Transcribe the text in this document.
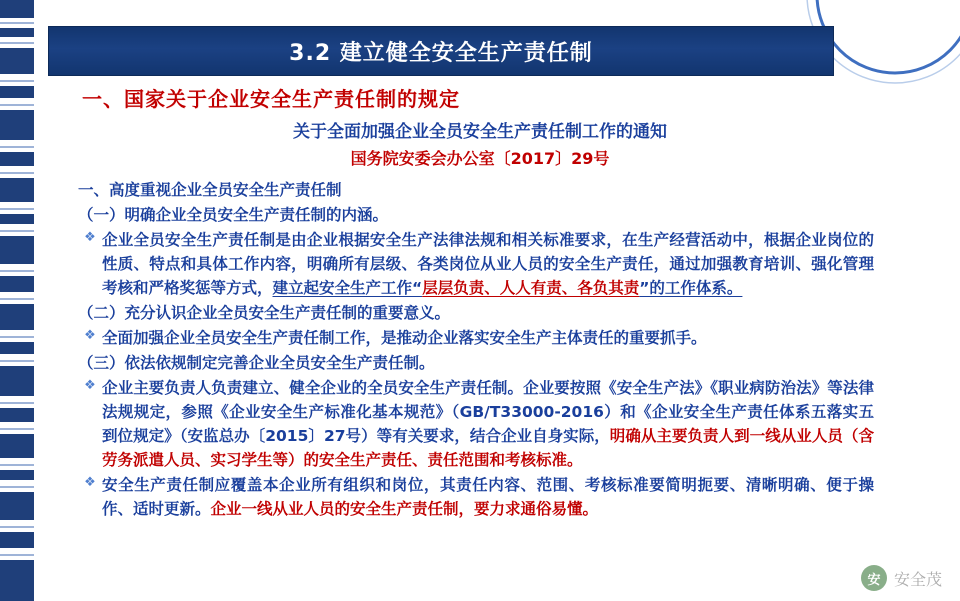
3.2 建立健全安全生产责任制
一、国家关于企业安全生产责任制的规定
关于全面加强企业全员安全生产责任制工作的通知
国务院安委会办公室〔2017〕29号
一、高度重视企业全员安全生产责任制
（一）明确企业全员安全生产责任制的内涵。
❖ 企业全员安全生产责任制是由企业根据安全生产法律法规和相关标准要求，在生产经营活动中，根据企业岗位的性质、特点和具体工作内容，明确所有层级、各类岗位从业人员的安全生产责任，通过加强教育培训、强化管理考核和严格奖惩等方式，建立起安全生产工作“层层负责、人人有责、各负其责”的工作体系。
（二）充分认识企业全员安全生产责任制的重要意义。
❖ 全面加强企业全员安全生产责任制工作，是推动企业落实安全生产主体责任的重要抓手。
（三）依法依规制定完善企业全员安全生产责任制。
❖ 企业主要负责人负责建立、健全企业的全员安全生产责任制。企业要按照《安全生产法》《职业病防治法》等法律法规规定，参照《企业安全生产标准化基本规范》（GB/T33000-2016）和《企业安全生产责任体系五落实五到位规定》（安监总办〔2015〕27号）等有关要求，结合企业自身实际，明确从主要负责人到一线从业人员（含劳务派遣人员、实习学生等）的安全生产责任、责任范围和考核标准。
❖ 安全生产责任制应覆盖本企业所有组织和岗位，其责任内容、范围、考核标准要简明扼要、清晰明确、便于操作、适时更新。企业一线从业人员的安全生产责任制，要力求通俗易懂。
安 安全茂
